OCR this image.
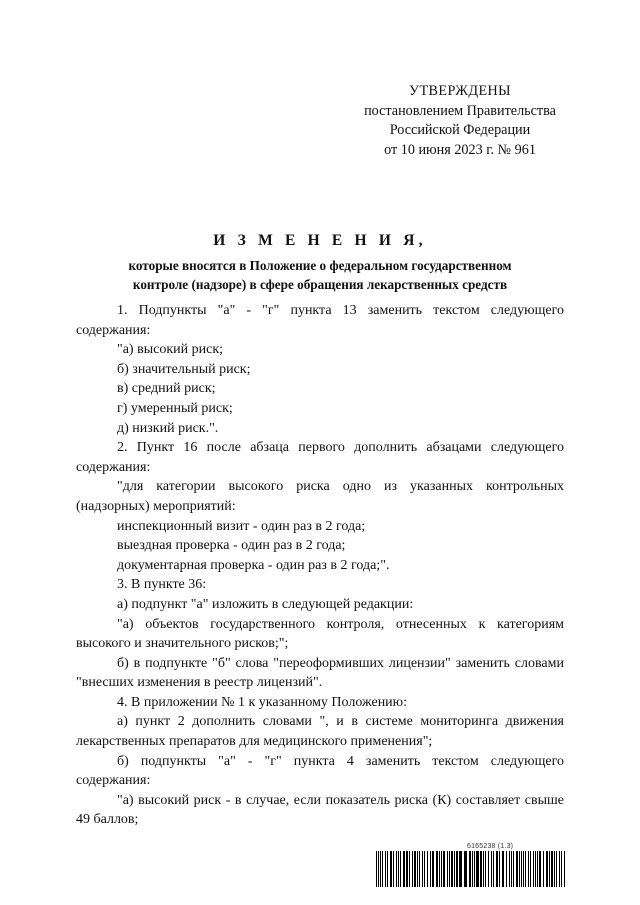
УТВЕРЖДЕНЫ
постановлением Правительства
Российской Федерации
от 10 июня 2023 г. № 961
И З М Е Н Е Н И Я,
которые вносятся в Положение о федеральном государственном
контроле (надзоре) в сфере обращения лекарственных средств

1. Подпункты "а" - "г" пункта 13 заменить текстом следующего содержания:

"а) высокий риск;

б) значительный риск;

в) средний риск;

г) умеренный риск;

д) низкий риск.".

2. Пункт 16 после абзаца первого дополнить абзацами следующего содержания:

"для категории высокого риска одно из указанных контрольных (надзорных) мероприятий:

инспекционный визит - один раз в 2 года;

выездная проверка - один раз в 2 года;

документарная проверка - один раз в 2 года;".

3. В пункте 36:

а) подпункт "а" изложить в следующей редакции:

"а) объектов государственного контроля, отнесенных к категориям высокого и значительного рисков;";

б) в подпункте "б" слова "переоформивших лицензии" заменить словами "внесших изменения в реестр лицензий".

4. В приложении № 1 к указанному Положению:

а) пункт 2 дополнить словами ", и в системе мониторинга движения лекарственных препаратов для медицинского применения";

б) подпункты "а" - "г" пункта 4 заменить текстом следующего содержания:

"а) высокий риск - в случае, если показатель риска (К) составляет свыше 49 баллов;

6165238 (1.3)
